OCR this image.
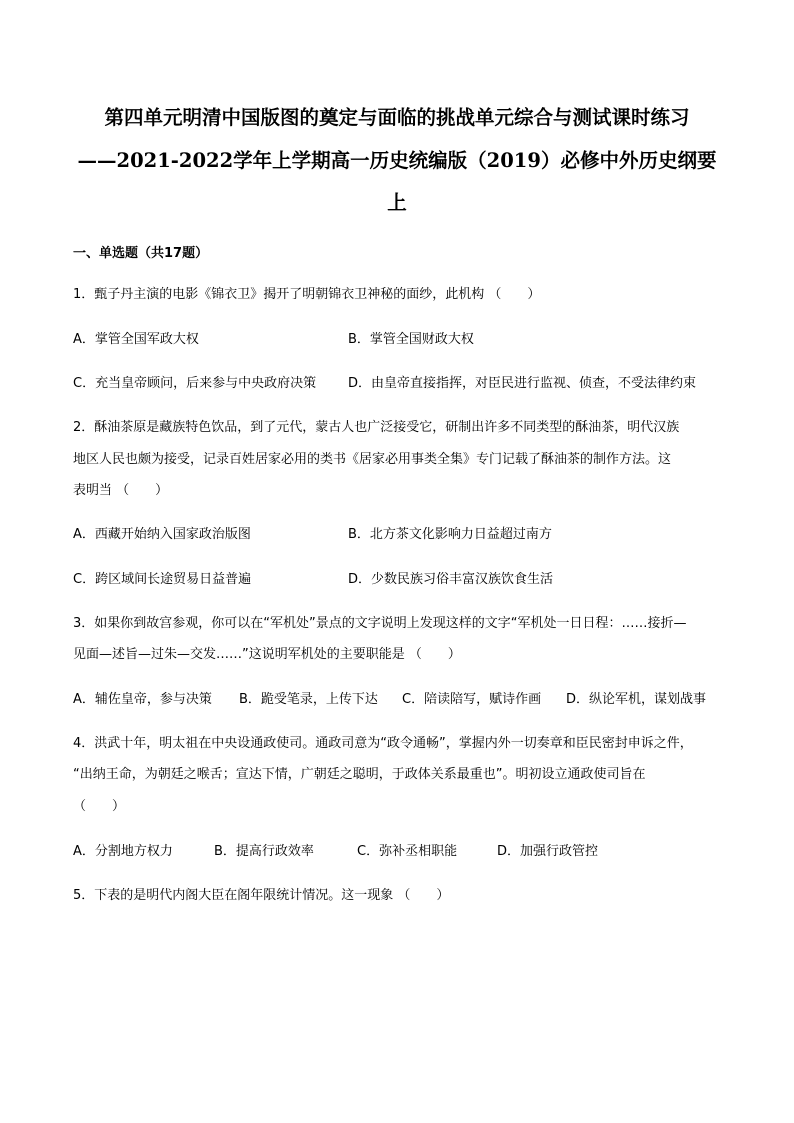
第四单元明清中国版图的奠定与面临的挑战单元综合与测试课时练习
——2021-2022学年上学期高一历史统编版（2019）必修中外历史纲要
上
一、单选题（共17题）
1．甄子丹主演的电影《锦衣卫》揭开了明朝锦衣卫神秘的面纱，此机构 （　　）
A．掌管全国军政大权	B．掌管全国财政大权
C．充当皇帝顾问，后来参与中央政府决策 D．由皇帝直接指挥，对臣民进行监视、侦查，不受法律约束
2．酥油茶原是藏族特色饮品，到了元代，蒙古人也广泛接受它，研制出许多不同类型的酥油茶，明代汉族
地区人民也颇为接受，记录百姓居家必用的类书《居家必用事类全集》专门记载了酥油茶的制作方法。这
表明当 （　　）
A．西藏开始纳入国家政治版图	B．北方茶文化影响力日益超过南方
C．跨区域间长途贸易日益普遍	D．少数民族习俗丰富汉族饮食生活
3．如果你到故宫参观，你可以在“军机处”景点的文字说明上发现这样的文字“军机处一日日程：……接折—
见面—述旨—过朱—交发……”这说明军机处的主要职能是 （　　）
A．辅佐皇帝，参与决策 B．跪受笔录，上传下达 C．陪读陪写，赋诗作画 D．纵论军机，谋划战事
4．洪武十年，明太祖在中央设通政使司。通政司意为“政令通畅”，掌握内外一切奏章和臣民密封申诉之件，
“出纳王命，为朝廷之喉舌；宣达下情，广朝廷之聪明，于政体关系最重也”。明初设立通政使司旨在
（　　）
A．分割地方权力	B．提高行政效率	C．弥补丞相职能	D．加强行政管控
5．下表的是明代内阁大臣在阁年限统计情况。这一现象 （　　）
